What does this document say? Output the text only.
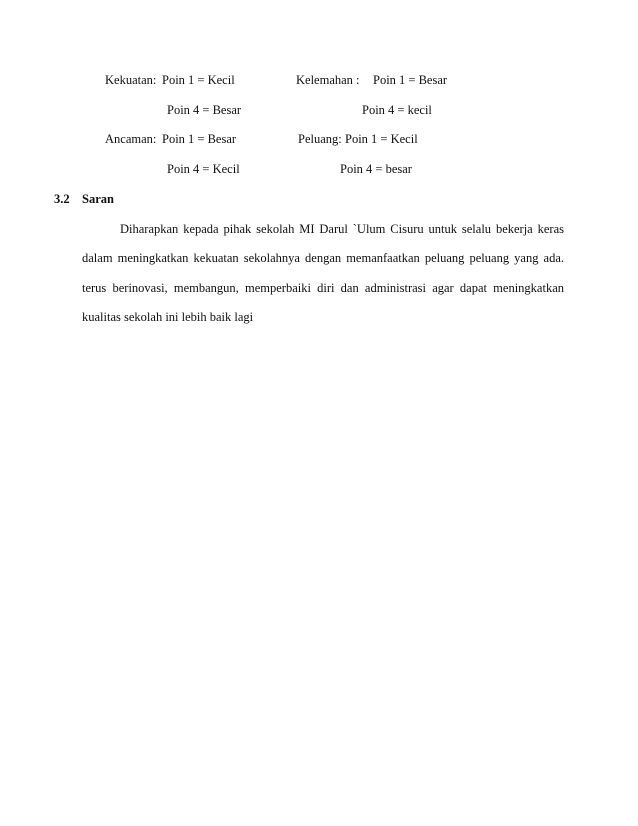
Kekuatan: Poin 1 = Kecil	Kelemahan : Poin 1 = Besar
Poin 4 = Besar	Poin 4 = kecil
Ancaman: Poin 1 = Besar	Peluang: Poin 1 = Kecil
Poin 4 = Kecil	Poin 4 = besar
3.2 Saran
Diharapkan kepada pihak sekolah MI Darul `Ulum Cisuru untuk selalu bekerja keras
dalam meningkatkan kekuatan sekolahnya dengan memanfaatkan peluang peluang yang ada.
terus berinovasi, membangun, memperbaiki diri dan administrasi agar dapat meningkatkan
kualitas sekolah ini lebih baik lagi
